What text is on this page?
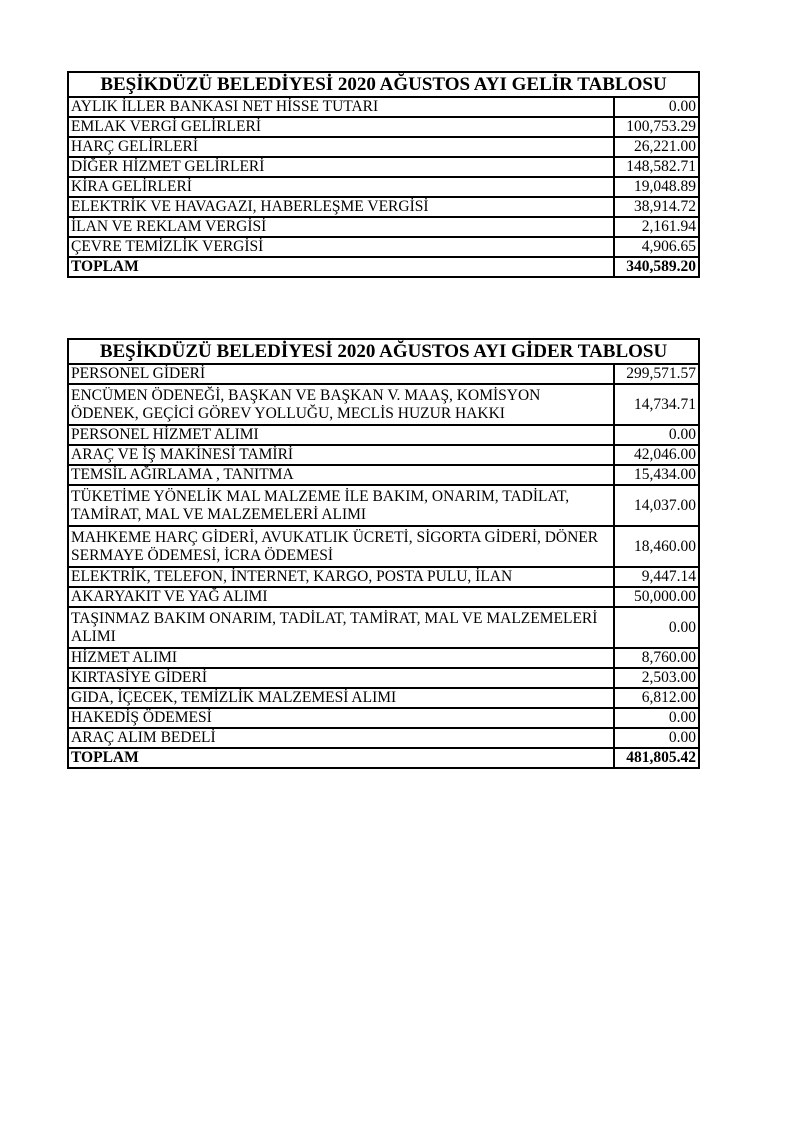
BEŞİKDÜZÜ BELEDİYESİ 2020 AĞUSTOS AYI GELİR TABLOSU	
AYLIK İLLER BANKASI NET HİSSE TUTARI	0.00
EMLAK VERGİ GELİRLERİ	100,753.29
HARÇ GELİRLERİ	26,221.00
DİĞER HİZMET GELİRLERİ	148,582.71
KİRA GELİRLERİ	19,048.89
ELEKTRİK VE HAVAGAZI, HABERLEŞME VERGİSİ	38,914.72
İLAN VE REKLAM VERGİSİ	2,161.94
ÇEVRE TEMİZLİK VERGİSİ	4,906.65
TOPLAM	340,589.20
BEŞİKDÜZÜ BELEDİYESİ 2020 AĞUSTOS AYI GİDER TABLOSU	
PERSONEL GİDERİ	299,571.57
ENCÜMEN ÖDENEĞİ, BAŞKAN VE BAŞKAN V. MAAŞ, KOMİSYON ÖDENEK, GEÇİCİ GÖREV YOLLUĞU, MECLİS HUZUR HAKKI	14,734.71
PERSONEL HİZMET ALIMI	0.00
ARAÇ VE İŞ MAKİNESİ TAMİRİ	42,046.00
TEMSİL AĞIRLAMA , TANITMA	15,434.00
TÜKETİME YÖNELİK MAL MALZEME İLE BAKIM, ONARIM, TADİLAT, TAMİRAT, MAL VE MALZEMELERİ ALIMI	14,037.00
MAHKEME HARÇ GİDERİ, AVUKATLIK ÜCRETİ, SİGORTA GİDERİ, DÖNER SERMAYE ÖDEMESİ, İCRA ÖDEMESİ	18,460.00
ELEKTRİK, TELEFON, İNTERNET, KARGO, POSTA PULU, İLAN	9,447.14
AKARYAKIT VE YAĞ ALIMI	50,000.00
TAŞINMAZ BAKIM ONARIM, TADİLAT, TAMİRAT, MAL VE MALZEMELERİ ALIMI	0.00
HİZMET ALIMI	8,760.00
KIRTASİYE GİDERİ	2,503.00
GIDA, İÇECEK, TEMİZLİK MALZEMESİ ALIMI	6,812.00
HAKEDİŞ ÖDEMESİ	0.00
ARAÇ ALIM BEDELİ	0.00
TOPLAM	481,805.42
